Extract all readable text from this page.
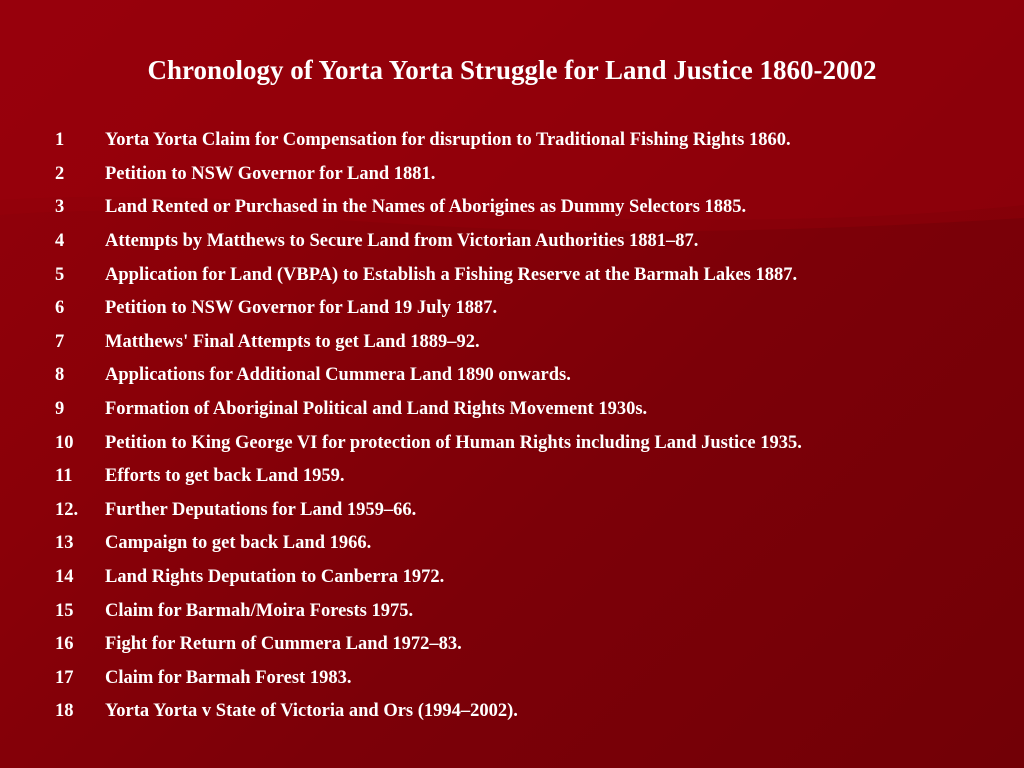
Chronology of Yorta Yorta Struggle for Land Justice 1860-2002
1	Yorta Yorta Claim for Compensation for disruption to Traditional Fishing Rights 1860.
2	Petition to NSW Governor for Land 1881.
3	Land Rented or Purchased in the Names of Aborigines as Dummy Selectors 1885.
4	Attempts by Matthews to Secure Land from Victorian Authorities 1881–87.
5	Application for Land (VBPA) to Establish a Fishing Reserve at the Barmah Lakes 1887.
6	Petition to NSW Governor for Land 19 July 1887.
7	Matthews' Final Attempts to get Land 1889–92.
8	Applications for Additional Cummera Land 1890 onwards.
9	Formation of Aboriginal Political and Land Rights Movement 1930s.
10	Petition to King George VI for protection of Human Rights including Land Justice 1935.
11	Efforts to get back Land 1959.
12.	Further Deputations for Land 1959–66.
13	Campaign to get back Land 1966.
14	Land Rights Deputation to Canberra 1972.
15	Claim for Barmah/Moira Forests 1975.
16	Fight for Return of Cummera Land 1972–83.
17	Claim for Barmah Forest 1983.
18	Yorta Yorta v State of Victoria and Ors (1994–2002).
